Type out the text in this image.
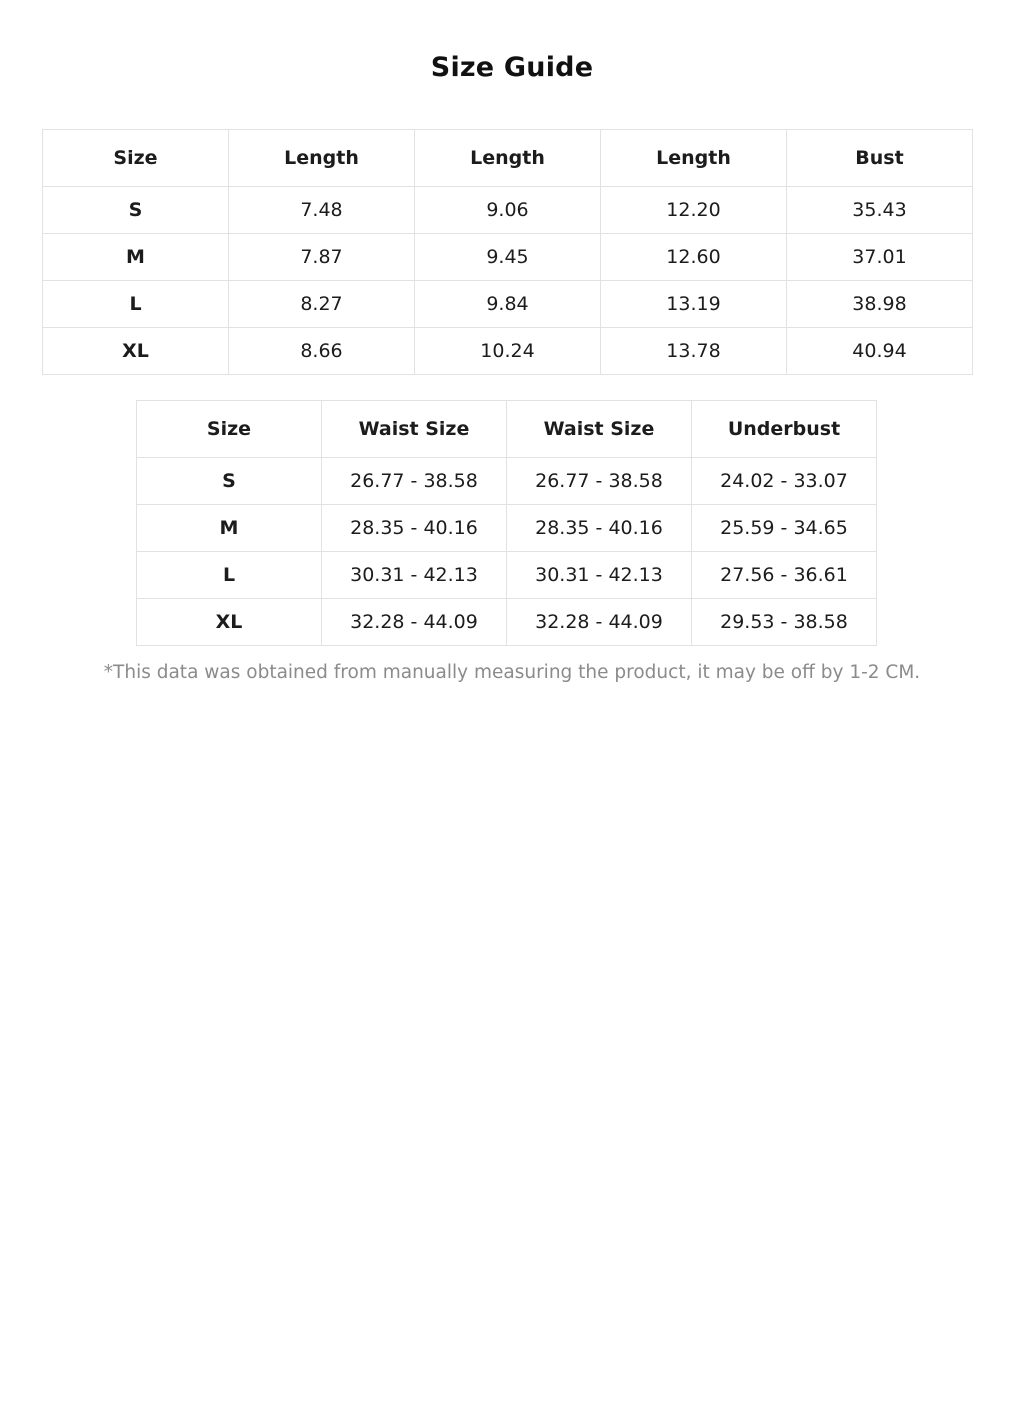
Size Guide
Size	Length	Length	Length	Bust
S	7.48	9.06	12.20	35.43
M	7.87	9.45	12.60	37.01
L	8.27	9.84	13.19	38.98
XL	8.66	10.24	13.78	40.94
Size	Waist Size	Waist Size	Underbust
S	26.77 - 38.58	26.77 - 38.58	24.02 - 33.07
M	28.35 - 40.16	28.35 - 40.16	25.59 - 34.65
L	30.31 - 42.13	30.31 - 42.13	27.56 - 36.61
XL	32.28 - 44.09	32.28 - 44.09	29.53 - 38.58
*This data was obtained from manually measuring the product, it may be off by 1-2 CM.
